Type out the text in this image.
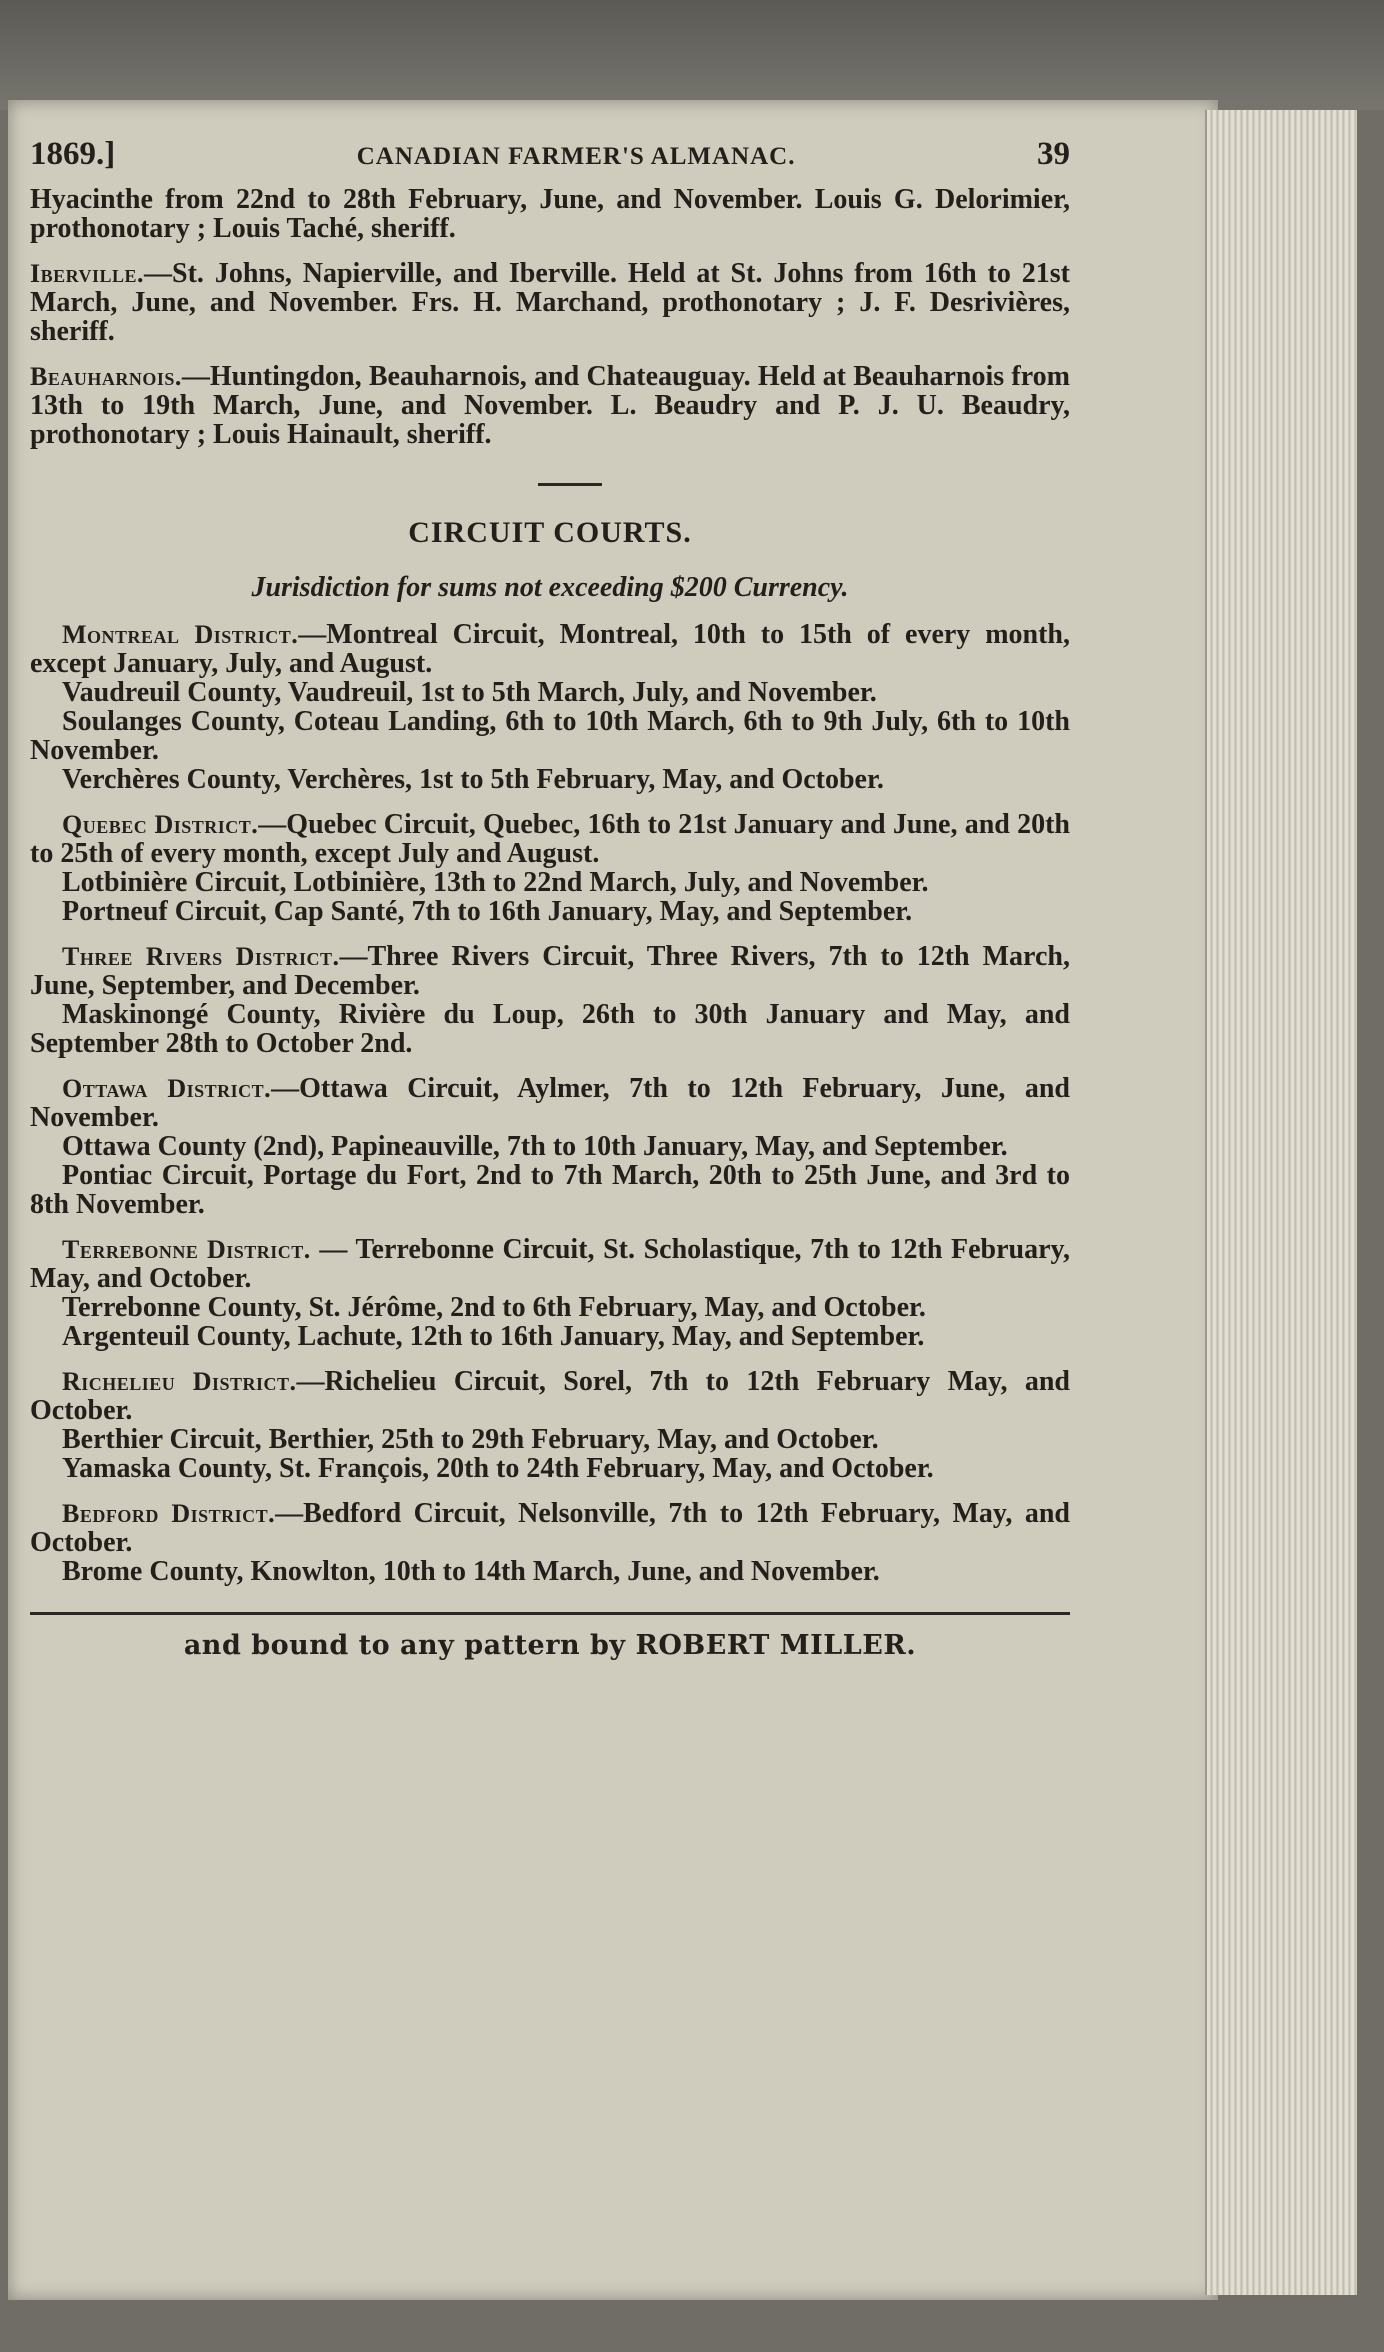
1869.]	CANADIAN FARMER'S ALMANAC.	39

Hyacinthe from 22nd to 28th February, June, and November. Louis G. Delorimier, prothonotary ; Louis Taché, sheriff.

Iberville.—St. Johns, Napierville, and Iberville. Held at St. Johns from 16th to 21st March, June, and November. Frs. H. Marchand, prothonotary ; J. F. Desrivières, sheriff.

Beauharnois.—Huntingdon, Beauharnois, and Chateauguay. Held at Beauharnois from 13th to 19th March, June, and November. L. Beaudry and P. J. U. Beaudry, prothonotary ; Louis Hainault, sheriff.

CIRCUIT COURTS.
Jurisdiction for sums not exceeding $200 Currency.

Montreal District.—Montreal Circuit, Montreal, 10th to 15th of every month, except January, July, and August.

Vaudreuil County, Vaudreuil, 1st to 5th March, July, and November.

Soulanges County, Coteau Landing, 6th to 10th March, 6th to 9th July, 6th to 10th November.

Verchères County, Verchères, 1st to 5th February, May, and October.

Quebec District.—Quebec Circuit, Quebec, 16th to 21st January and June, and 20th to 25th of every month, except July and August.

Lotbinière Circuit, Lotbinière, 13th to 22nd March, July, and November.

Portneuf Circuit, Cap Santé, 7th to 16th January, May, and September.

Three Rivers District.—Three Rivers Circuit, Three Rivers, 7th to 12th March, June, September, and December.

Maskinongé County, Rivière du Loup, 26th to 30th January and May, and September 28th to October 2nd.

Ottawa District.—Ottawa Circuit, Aylmer, 7th to 12th February, June, and November.

Ottawa County (2nd), Papineauville, 7th to 10th January, May, and September.

Pontiac Circuit, Portage du Fort, 2nd to 7th March, 20th to 25th June, and 3rd to 8th November.

Terrebonne District. — Terrebonne Circuit, St. Scholastique, 7th to 12th February, May, and October.

Terrebonne County, St. Jérôme, 2nd to 6th February, May, and October.

Argenteuil County, Lachute, 12th to 16th January, May, and September.

Richelieu District.—Richelieu Circuit, Sorel, 7th to 12th February May, and October.

Berthier Circuit, Berthier, 25th to 29th February, May, and October.

Yamaska County, St. François, 20th to 24th February, May, and October.

Bedford District.—Bedford Circuit, Nelsonville, 7th to 12th February, May, and October.

Brome County, Knowlton, 10th to 14th March, June, and November.

and bound to any pattern by ROBERT MILLER.
